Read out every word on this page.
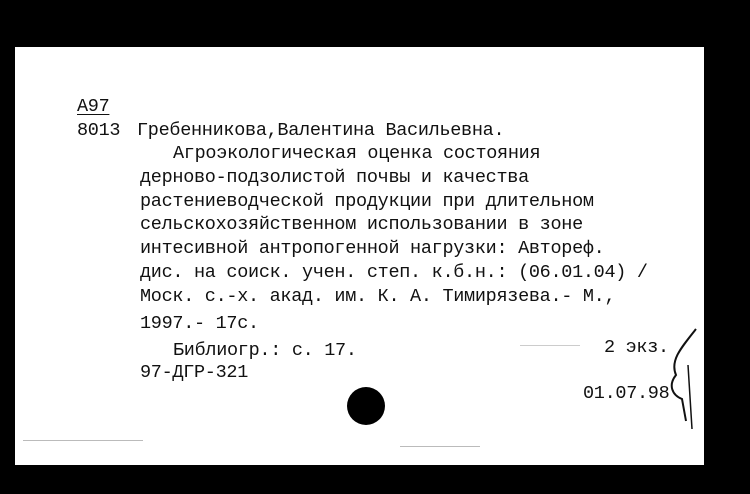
А97
8013 Гребенникова,Валентина Васильевна.
Агроэкологическая оценка состояния
дерново-подзолистой почвы и качества
растениеводческой продукции при длительном
сельскохозяйственном использовании в зоне
интесивной антропогенной нагрузки: Автореф.
дис. на соиск. учен. степ. к.б.н.: (06.01.04) /
Моск. с.-х. акад. им. К. А. Тимирязева.- М.,
1997.- 17с.
Библиогр.: с. 17.	2 экз.
97-ДГР-321
01.07.98
